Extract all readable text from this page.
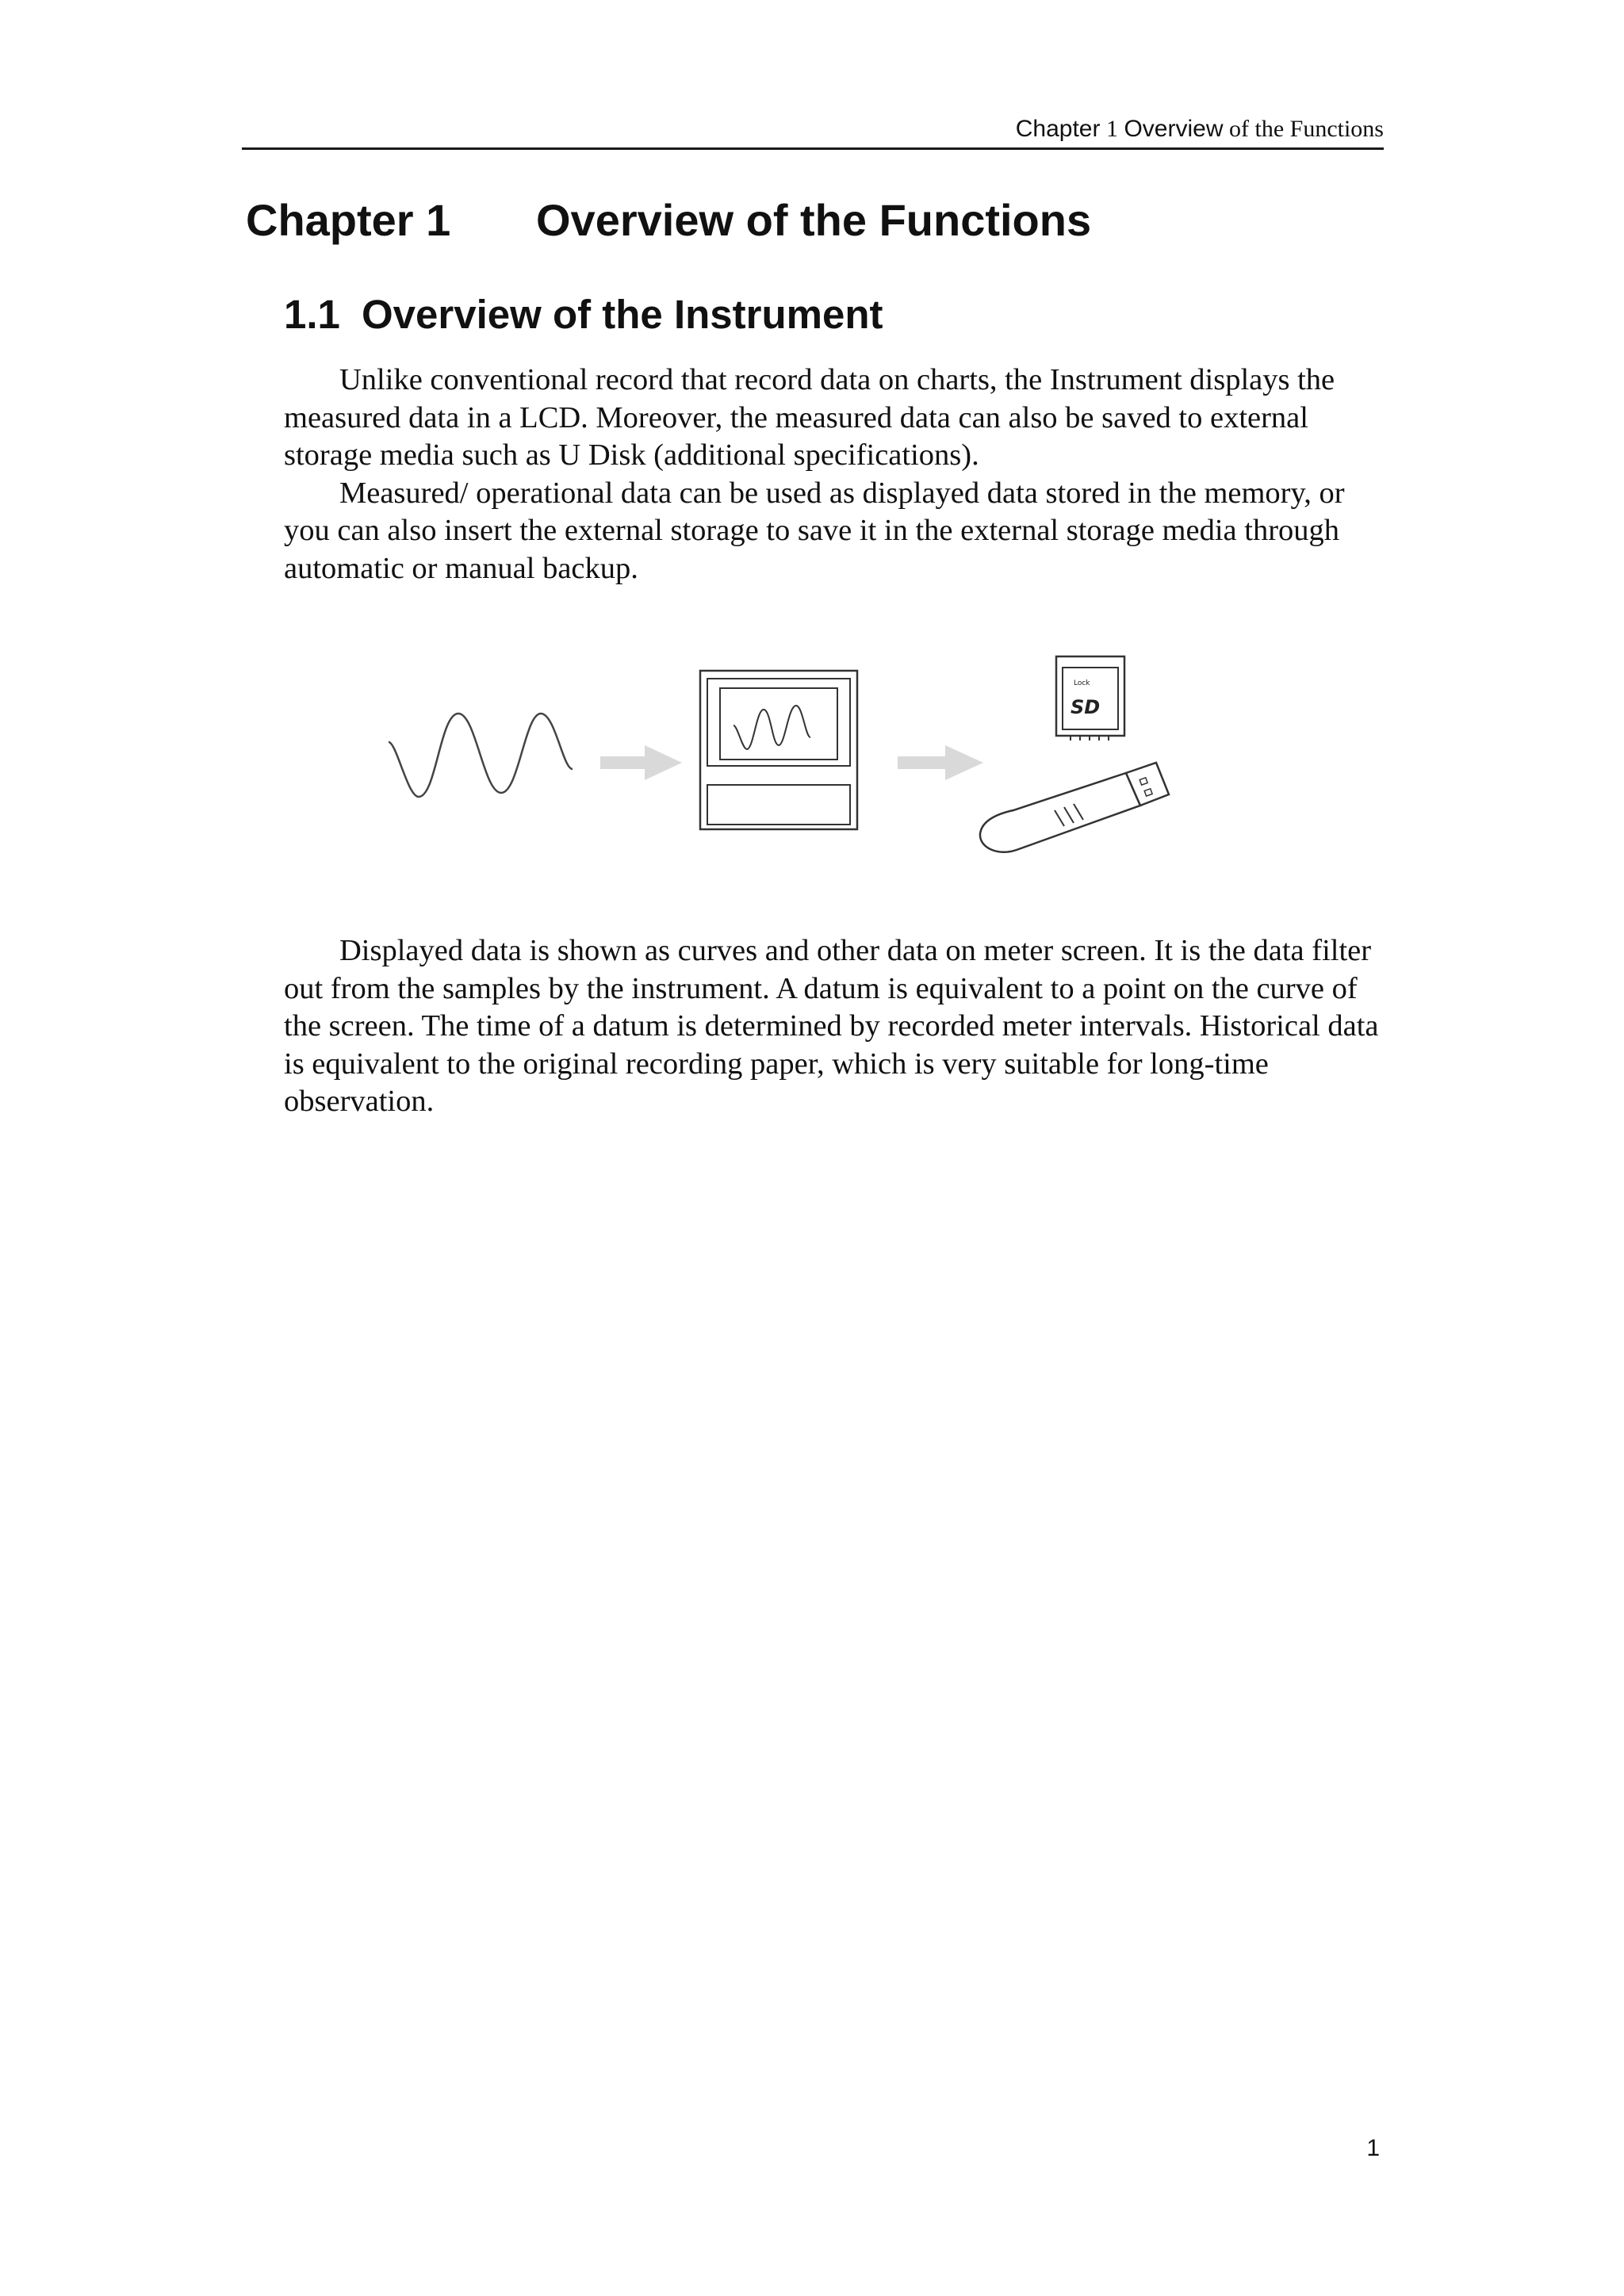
Chapter 1 Overview of the Functions
Chapter 1 Overview of the Functions
1.1 Overview of the Instrument

Unlike conventional record that record data on charts, the Instrument displays the measured data in a LCD. Moreover, the measured data can also be saved to external storage media such as U Disk (additional specifications).

Measured/ operational data can be used as displayed data stored in the memory, or you can also insert the external storage to save it in the external storage media through automatic or manual backup.

Lock
SD

Displayed data is shown as curves and other data on meter screen. It is the data filter out from the samples by the instrument. A datum is equivalent to a point on the curve of the screen. The time of a datum is determined by recorded meter intervals. Historical data is equivalent to the original recording paper, which is very suitable for long-time observation.

1
